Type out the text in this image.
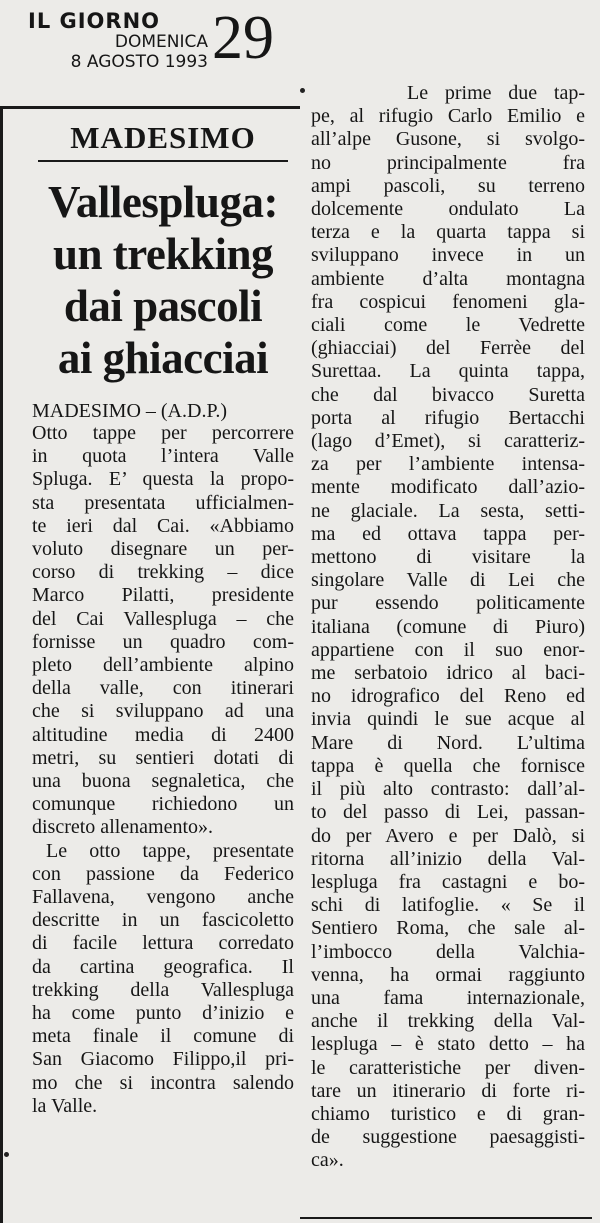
IL GIORNO
DOMENICA
8 AGOSTO 1993 29
MADESIMO
Vallespluga:
un trekking
dai pascoli
ai ghiacciai
MADESIMO – (A.D.P.)
Otto tappe per percorrere
in quota l’intera Valle
Spluga. E’ questa la propo-
sta presentata ufficialmen-
te ieri dal Cai. «Abbiamo
voluto disegnare un per-
corso di trekking – dice
Marco Pilatti, presidente
del Cai Vallespluga – che
fornisse un quadro com-
pleto dell’ambiente alpino
della valle, con itinerari
che si sviluppano ad una
altitudine media di 2400
metri, su sentieri dotati di
una buona segnaletica, che
comunque richiedono un
discreto allenamento».
Le otto tappe, presentate
con passione da Federico
Fallavena, vengono anche
descritte in un fascicoletto
di facile lettura corredato
da cartina geografica. Il
trekking della Vallespluga
ha come punto d’inizio e
meta finale il comune di
San Giacomo Filippo,il pri-
mo che si incontra salendo
la Valle.
Le prime due tap-
pe, al rifugio Carlo Emilio e
all’alpe Gusone, si svolgo-
no principalmente fra
ampi pascoli, su terreno
dolcemente ondulato La
terza e la quarta tappa si
sviluppano invece in un
ambiente d’alta montagna
fra cospicui fenomeni gla-
ciali come le Vedrette
(ghiacciai) del Ferrèe del
Surettaa. La quinta tappa,
che dal bivacco Suretta
porta al rifugio Bertacchi
(lago d’Emet), si caratteriz-
za per l’ambiente intensa-
mente modificato dall’azio-
ne glaciale. La sesta, setti-
ma ed ottava tappa per-
mettono di visitare la
singolare Valle di Lei che
pur essendo politicamente
italiana (comune di Piuro)
appartiene con il suo enor-
me serbatoio idrico al baci-
no idrografico del Reno ed
invia quindi le sue acque al
Mare di Nord. L’ultima
tappa è quella che fornisce
il più alto contrasto: dall’al-
to del passo di Lei, passan-
do per Avero e per Dalò, si
ritorna all’inizio della Val-
lespluga fra castagni e bo-
schi di latifoglie. « Se il
Sentiero Roma, che sale al-
l’imbocco della Valchia-
venna, ha ormai raggiunto
una fama internazionale,
anche il trekking della Val-
lespluga – è stato detto – ha
le caratteristiche per diven-
tare un itinerario di forte ri-
chiamo turistico e di gran-
de suggestione paesaggisti-
ca».
